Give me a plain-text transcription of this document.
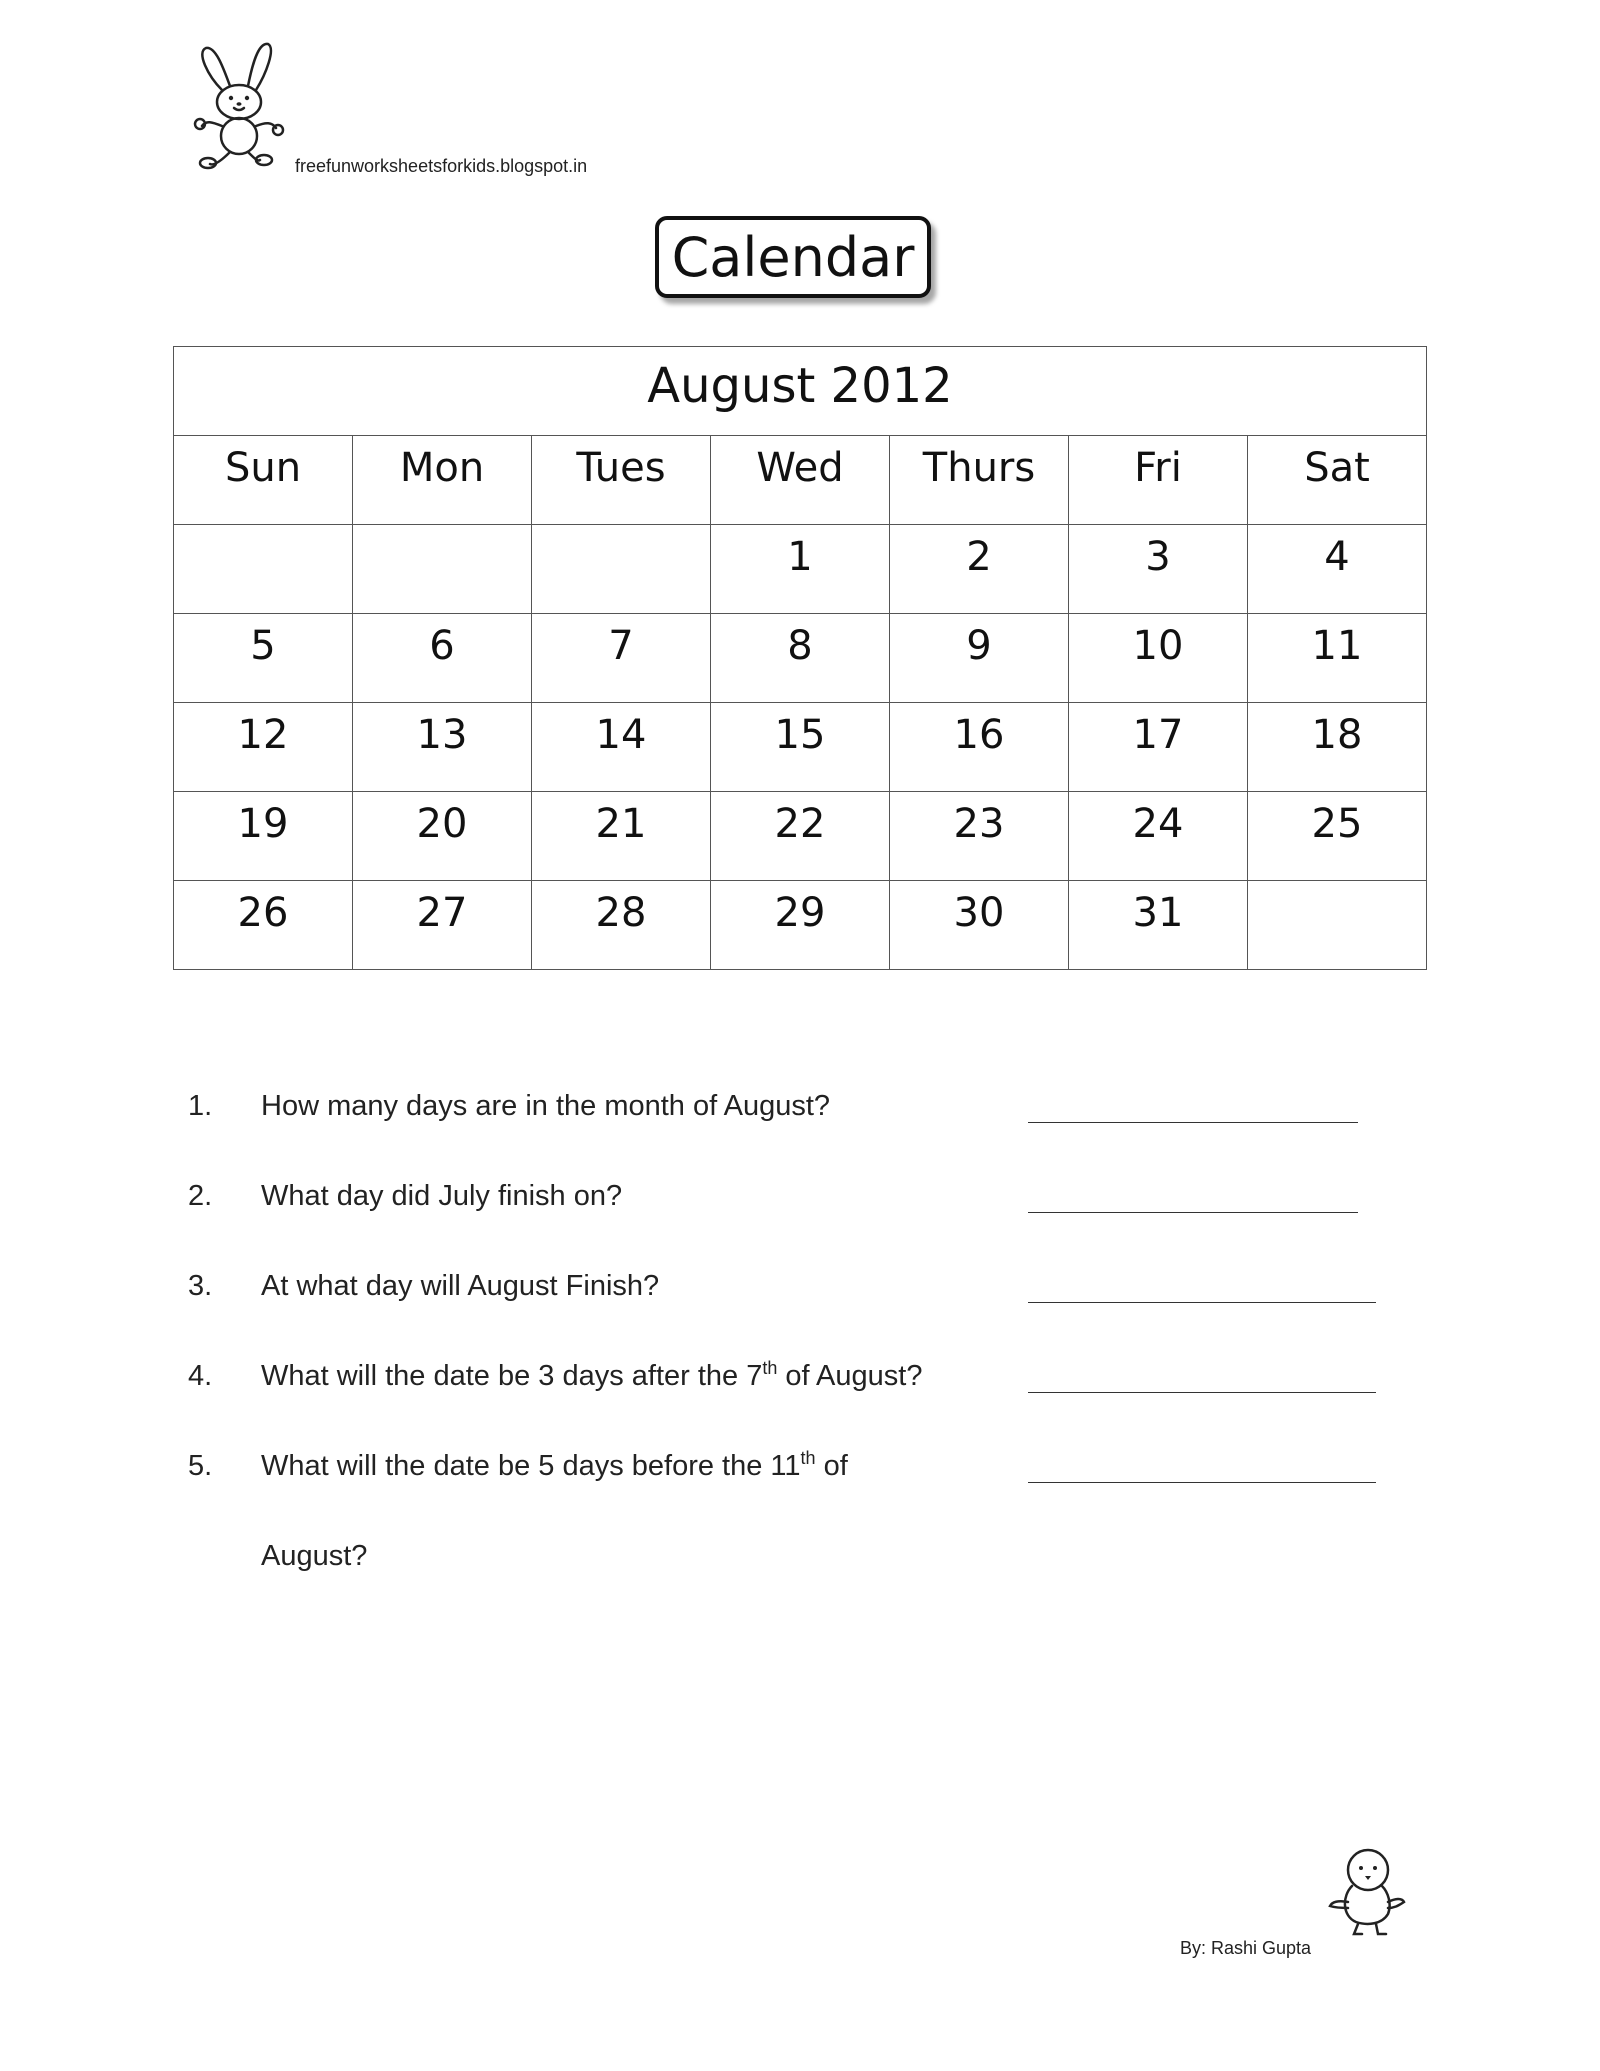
freefunworksheetsforkids.blogspot.in
Calendar
August 2012						
Sun	Mon	Tues	Wed	Thurs	Fri	Sat
			1	2	3	4
5	6	7	8	9	10	11
12	13	14	15	16	17	18
19	20	21	22	23	24	25
26	27	28	29	30	31	
1. How many days are in the month of August?
2. What day did July finish on?
3. At what day will August Finish?
4. What will the date be 3 days after the 7th of August?
5. What will the date be 5 days before the 11th of
August?
By: Rashi Gupta
